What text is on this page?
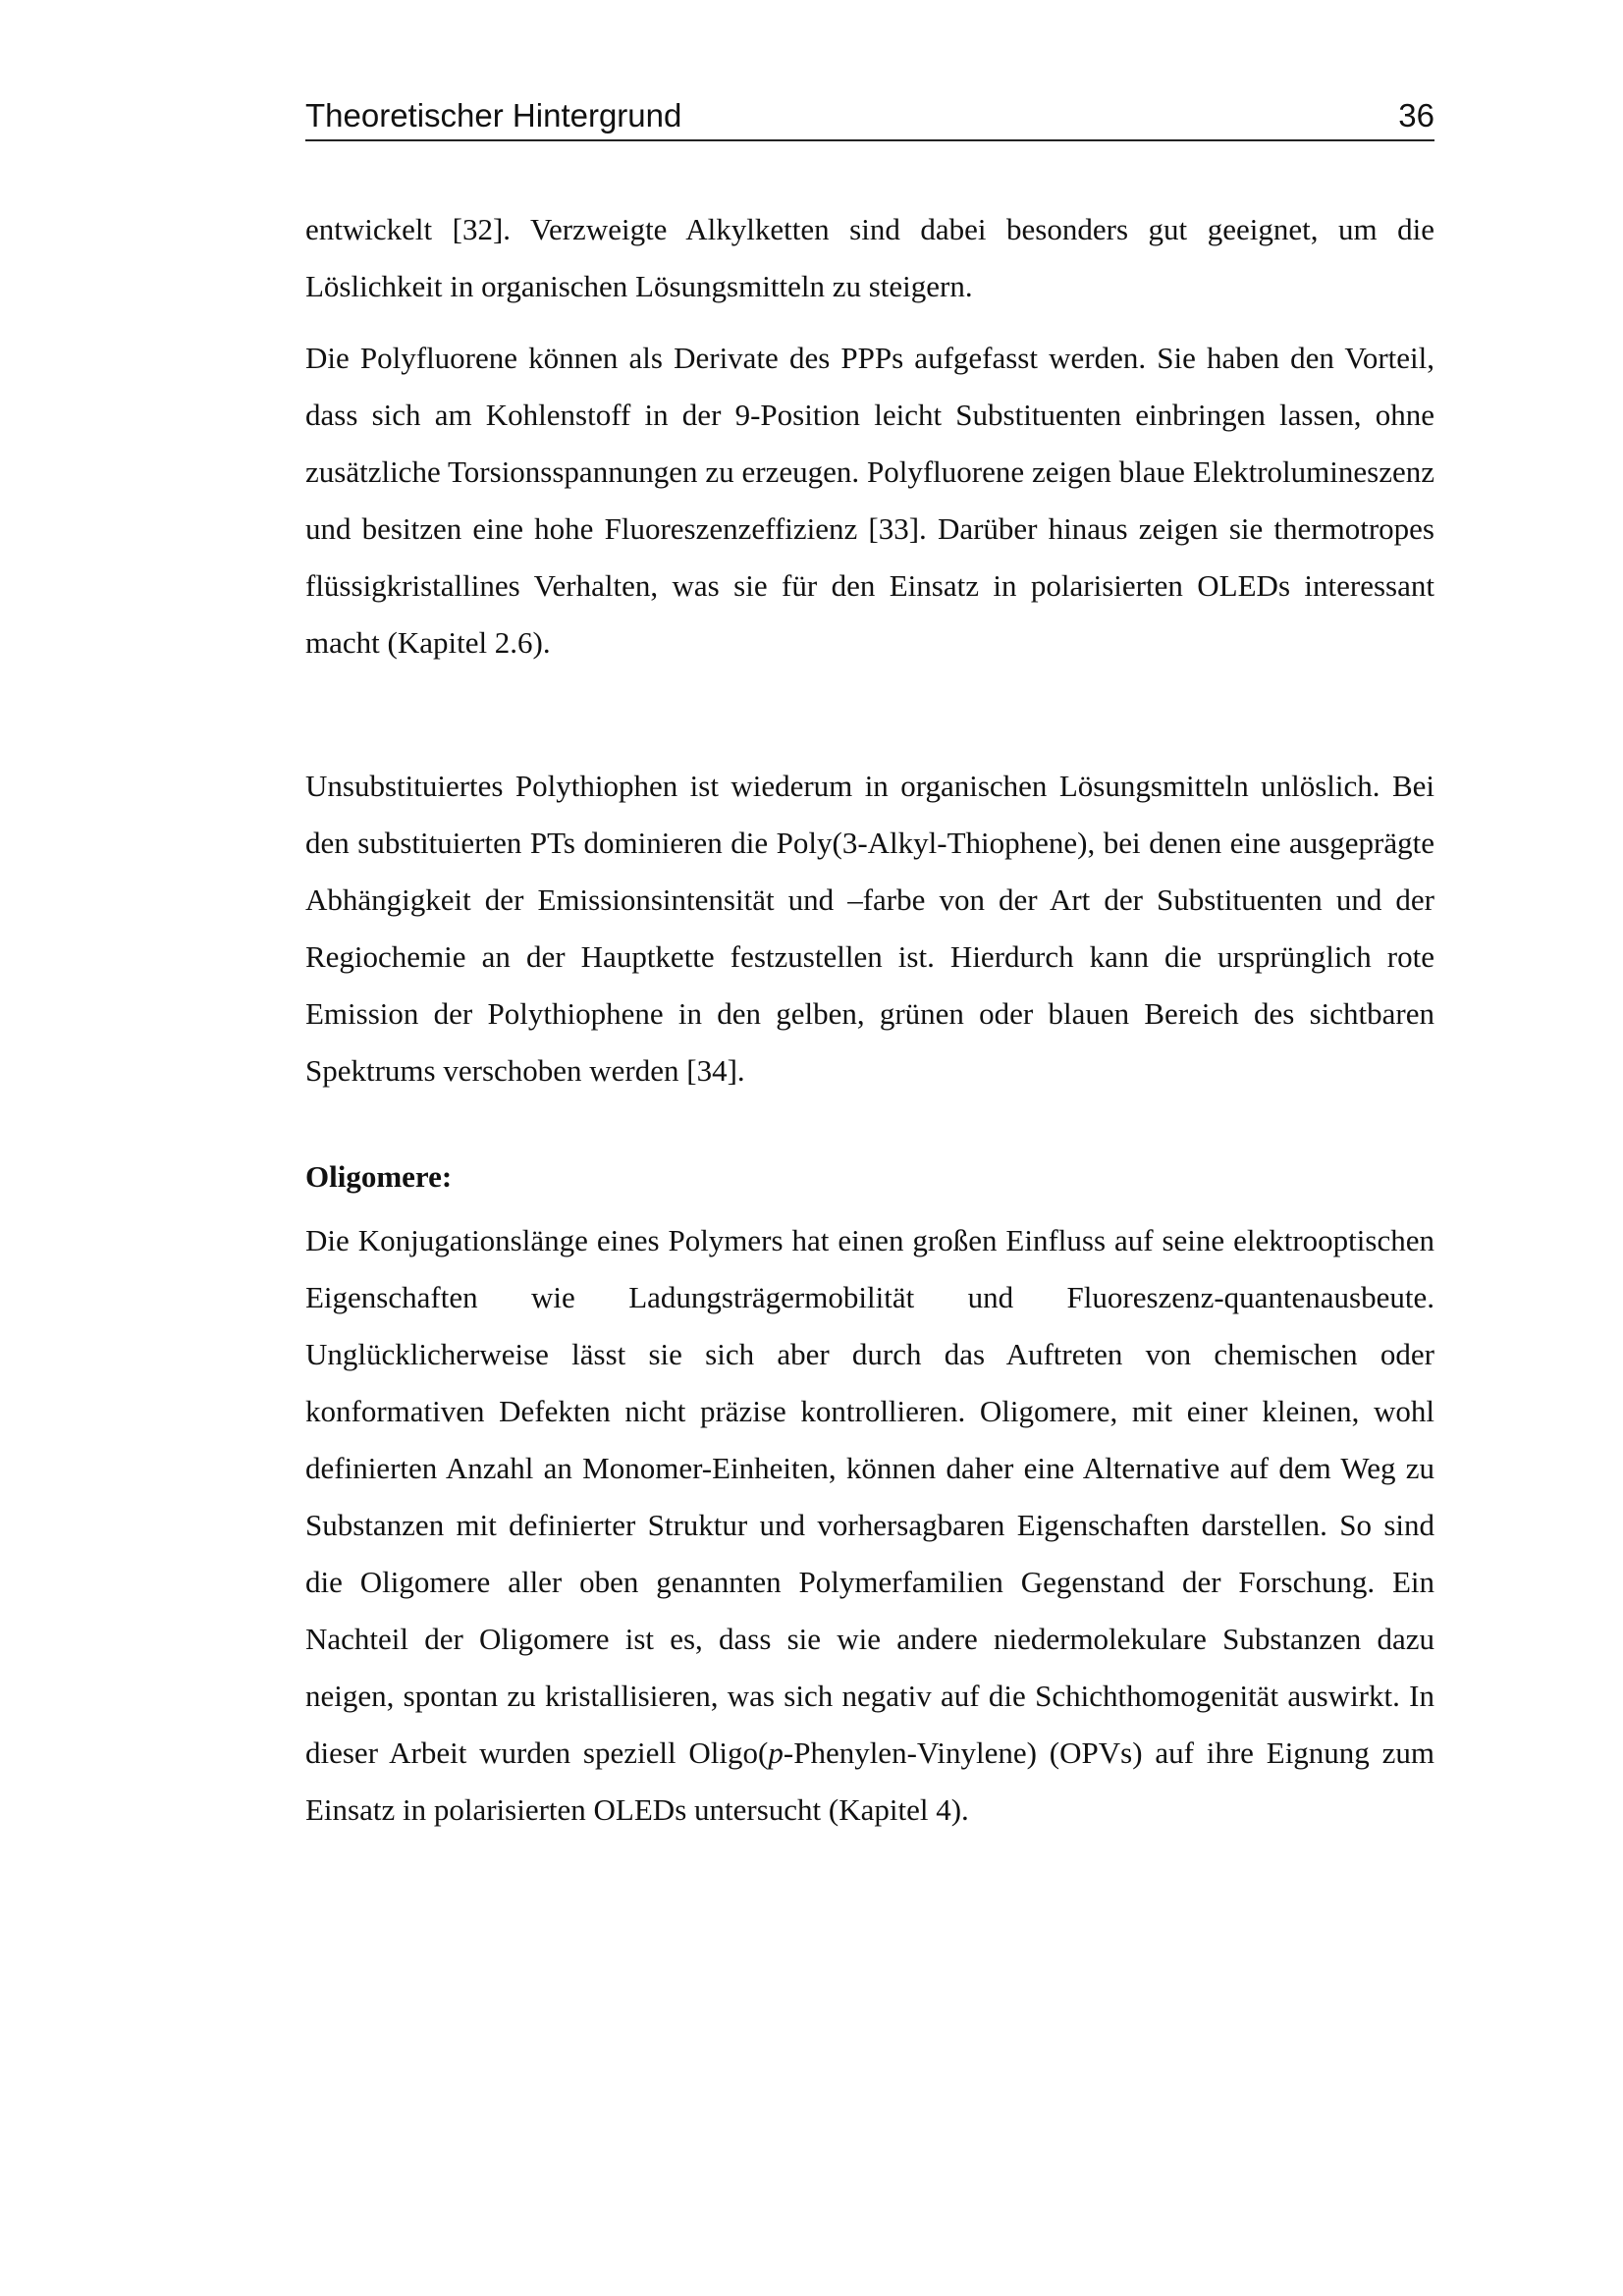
Theoretischer Hintergrund	36

entwickelt [32]. Verzweigte Alkylketten sind dabei besonders gut geeignet, um die Löslichkeit in organischen Lösungsmitteln zu steigern.

Die Polyfluorene können als Derivate des PPPs aufgefasst werden. Sie haben den Vorteil, dass sich am Kohlenstoff in der 9-Position leicht Substituenten einbringen lassen, ohne zusätzliche Torsionsspannungen zu erzeugen. Polyfluorene zeigen blaue Elektrolumineszenz und besitzen eine hohe Fluoreszenzeffizienz [33]. Darüber hinaus zeigen sie thermotropes flüssigkristallines Verhalten, was sie für den Einsatz in polarisierten OLEDs interessant macht (Kapitel 2.6).

Unsubstituiertes Polythiophen ist wiederum in organischen Lösungsmitteln unlöslich. Bei den substituierten PTs dominieren die Poly(3-Alkyl-Thiophene), bei denen eine ausgeprägte Abhängigkeit der Emissionsintensität und –farbe von der Art der Substituenten und der Regiochemie an der Hauptkette festzustellen ist. Hierdurch kann die ursprünglich rote Emission der Polythiophene in den gelben, grünen oder blauen Bereich des sichtbaren Spektrums verschoben werden [34].

Oligomere:

Die Konjugationslänge eines Polymers hat einen großen Einfluss auf seine elektrooptischen Eigenschaften wie Ladungsträgermobilität und Fluoreszenz-quantenausbeute. Unglücklicherweise lässt sie sich aber durch das Auftreten von chemischen oder konformativen Defekten nicht präzise kontrollieren. Oligomere, mit einer kleinen, wohl definierten Anzahl an Monomer-Einheiten, können daher eine Alternative auf dem Weg zu Substanzen mit definierter Struktur und vorhersagbaren Eigenschaften darstellen. So sind die Oligomere aller oben genannten Polymerfamilien Gegenstand der Forschung. Ein Nachteil der Oligomere ist es, dass sie wie andere niedermolekulare Substanzen dazu neigen, spontan zu kristallisieren, was sich negativ auf die Schichthomogenität auswirkt. In dieser Arbeit wurden speziell Oligo(p-Phenylen-Vinylene) (OPVs) auf ihre Eignung zum Einsatz in polarisierten OLEDs untersucht (Kapitel 4).
